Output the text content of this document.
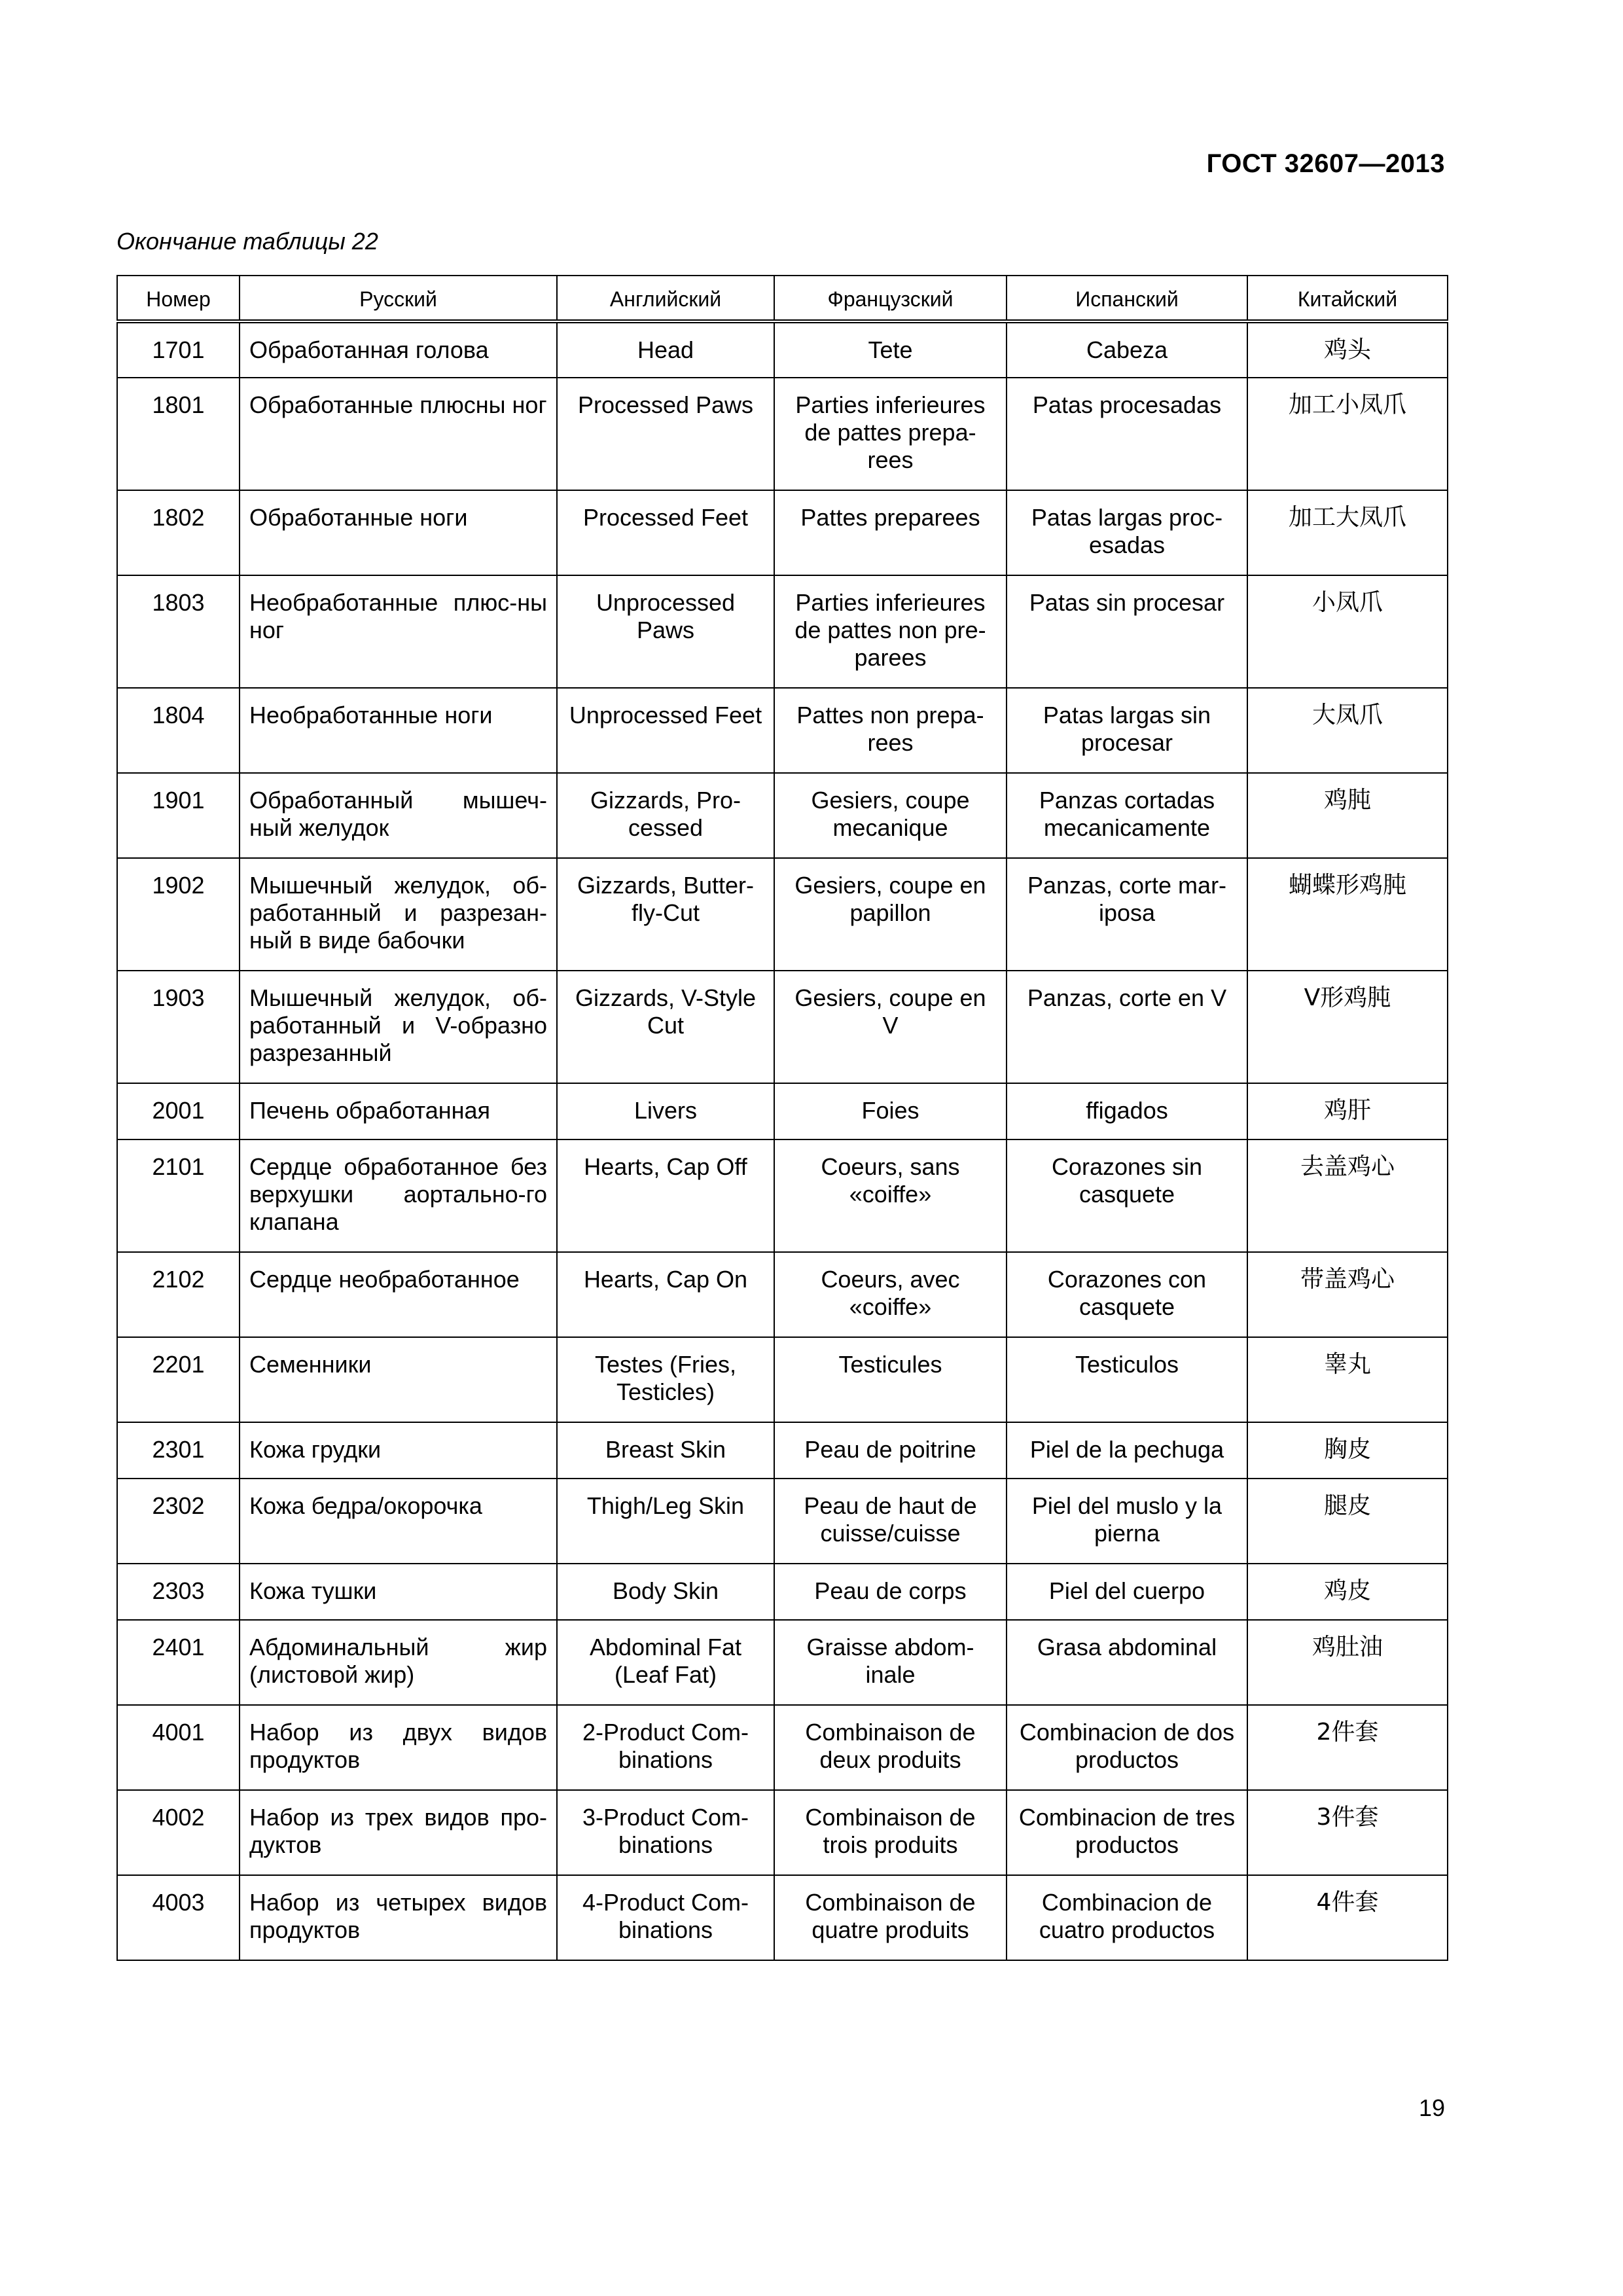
ГОСТ 32607—2013
Окончание таблицы 22
Номер	Русский	Английский	Французский	Испанский	Китайский
1701	Обработанная голова	Head	Tete	Cabeza	鸡头
1801	Обработанные плюсны ног	Processed Paws	Parties inferieures de pattes prepa-rees	Patas procesadas	加工小凤爪
1802	Обработанные ноги	Processed Feet	Pattes preparees	Patas largas proc-esadas	加工大凤爪
1803	Необработанные плюс-ны ног	Unprocessed Paws	Parties inferieures de pattes non pre-parees	Patas sin procesar	小凤爪
1804	Необработанные ноги	Unprocessed Feet	Pattes non prepa-rees	Patas largas sin procesar	大凤爪
1901	Обработанный мышеч-ный желудок	Gizzards, Pro-cessed	Gesiers, coupe mecanique	Panzas cortadas mecanicamente	鸡肫
1902	Мышечный желудок, об-работанный и разрезан-ный в виде бабочки	Gizzards, Butter-fly-Cut	Gesiers, coupe en papillon	Panzas, corte mar-iposa	蝴蝶形鸡肫
1903	Мышечный желудок, об-работанный и V-образно разрезанный	Gizzards, V-Style Cut	Gesiers, coupe en V	Panzas, corte en V	V形鸡肫
2001	Печень обработанная	Livers	Foies	ffigados	鸡肝
2101	Сердце обработанное без верхушки аортально-го клапана	Hearts, Cap Off	Coeurs, sans «coiffe»	Corazones sin casquete	去盖鸡心
2102	Сердце необработанное	Hearts, Cap On	Coeurs, avec «coiffe»	Corazones con casquete	带盖鸡心
2201	Семенники	Testes (Fries, Testicles)	Testicules	Testiculos	睾丸
2301	Кожа грудки	Breast Skin	Peau de poitrine	Piel de la pechuga	胸皮
2302	Кожа бедра/окорочка	Thigh/Leg Skin	Peau de haut de cuisse/cuisse	Piel del muslo y la pierna	腿皮
2303	Кожа тушки	Body Skin	Peau de corps	Piel del cuerpo	鸡皮
2401	Абдоминальный жир (листовой жир)	Abdominal Fat (Leaf Fat)	Graisse abdom-inale	Grasa abdominal	鸡肚油
4001	Набор из двух видов продуктов	2-Product Com-binations	Combinaison de deux produits	Combinacion de dos productos	2件套
4002	Набор из трех видов про-дуктов	3-Product Com-binations	Combinaison de trois produits	Combinacion de tres productos	3件套
4003	Набор из четырех видов продуктов	4-Product Com-binations	Combinaison de quatre produits	Combinacion de cuatro productos	4件套
19
